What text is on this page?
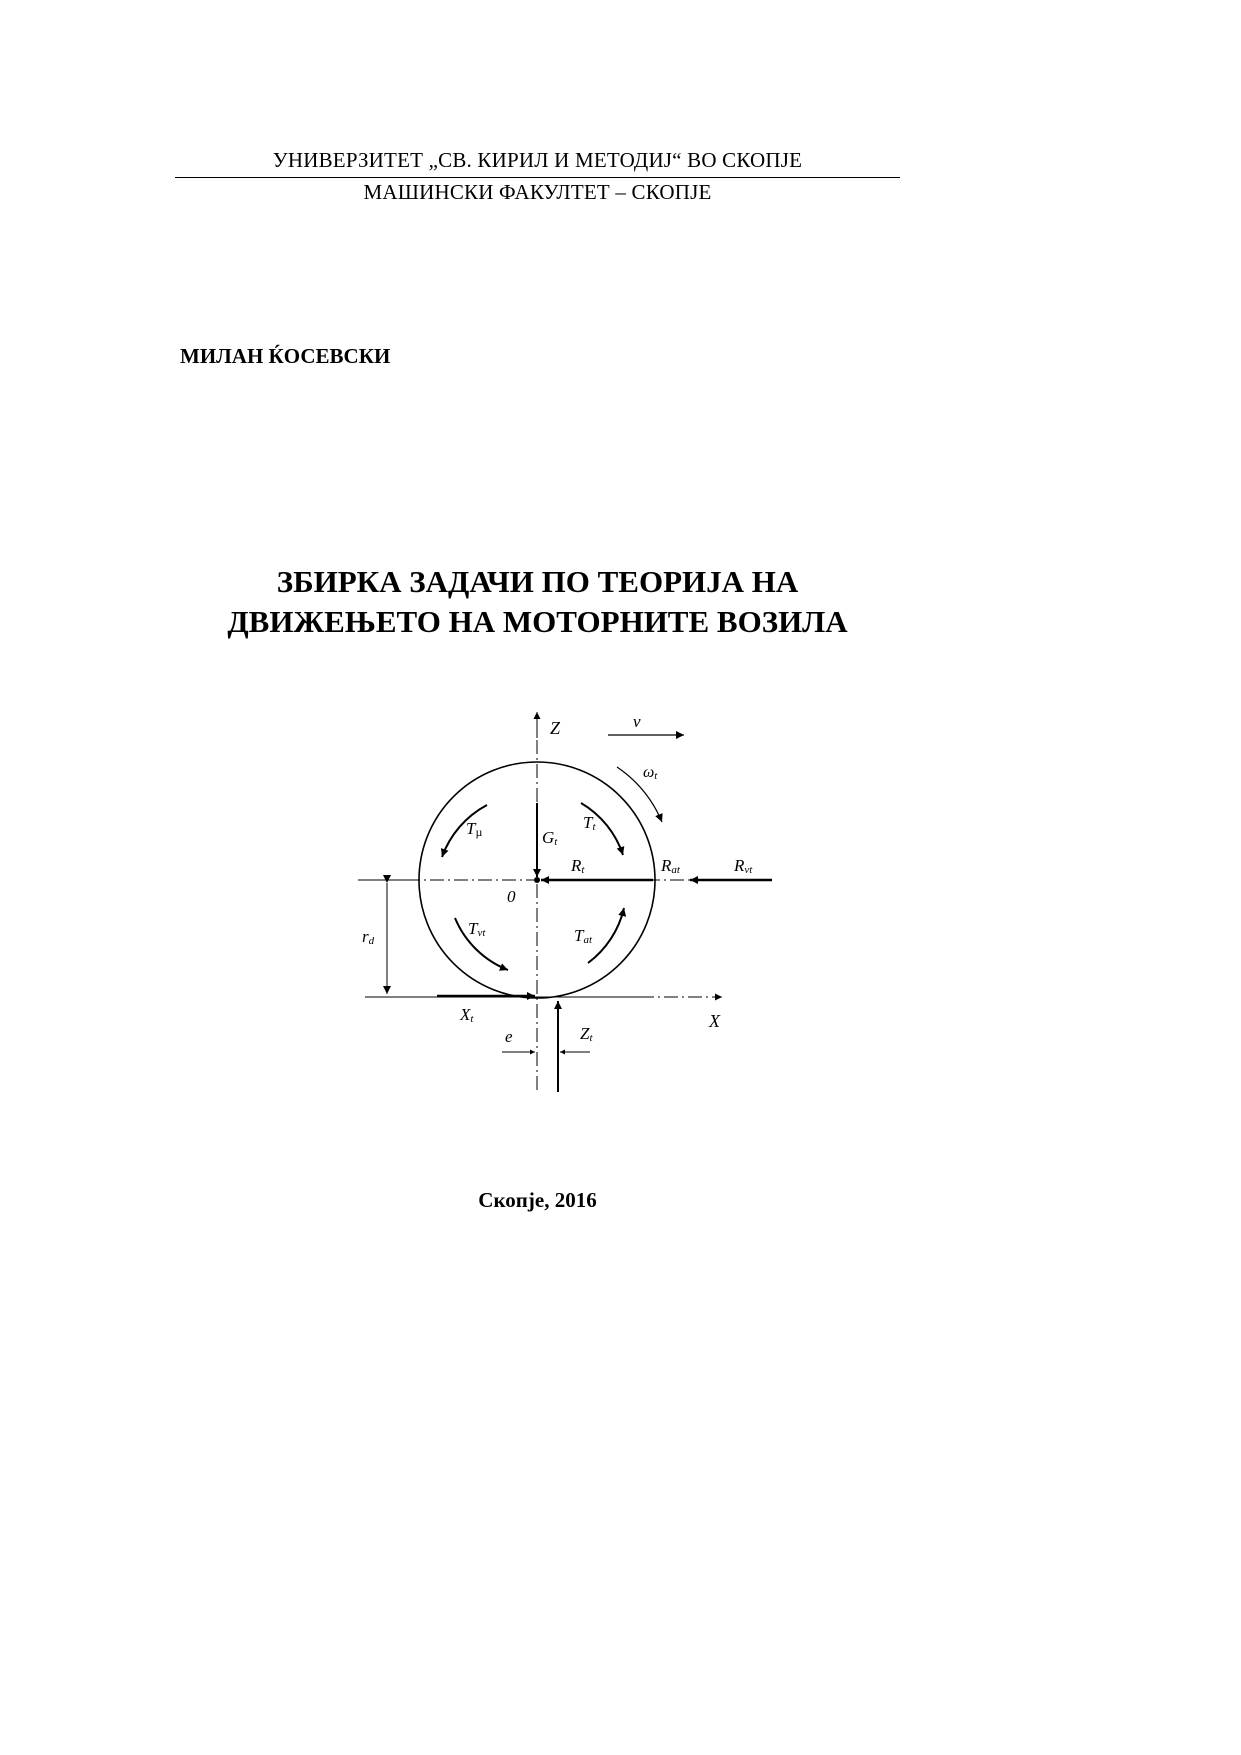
УНИВЕРЗИТЕТ „СВ. КИРИЛ И МЕТОДИЈ“ ВО СКОПЈЕ
МАШИНСКИ ФАКУЛТЕТ – СКОПЈЕ
МИЛАН ЌОСЕВСКИ
ЗБИРКА ЗАДАЧИ ПО ТЕОРИЈА НА
ДВИЖЕЊЕТО НА МОТОРНИТЕ ВОЗИЛА
Z	v
ωt
Tµ	Gt
Tt
Rt	Rat	Rvt
0
rd
Tvt	Tat
Xt	X
e	Zt
Скопје, 2016
